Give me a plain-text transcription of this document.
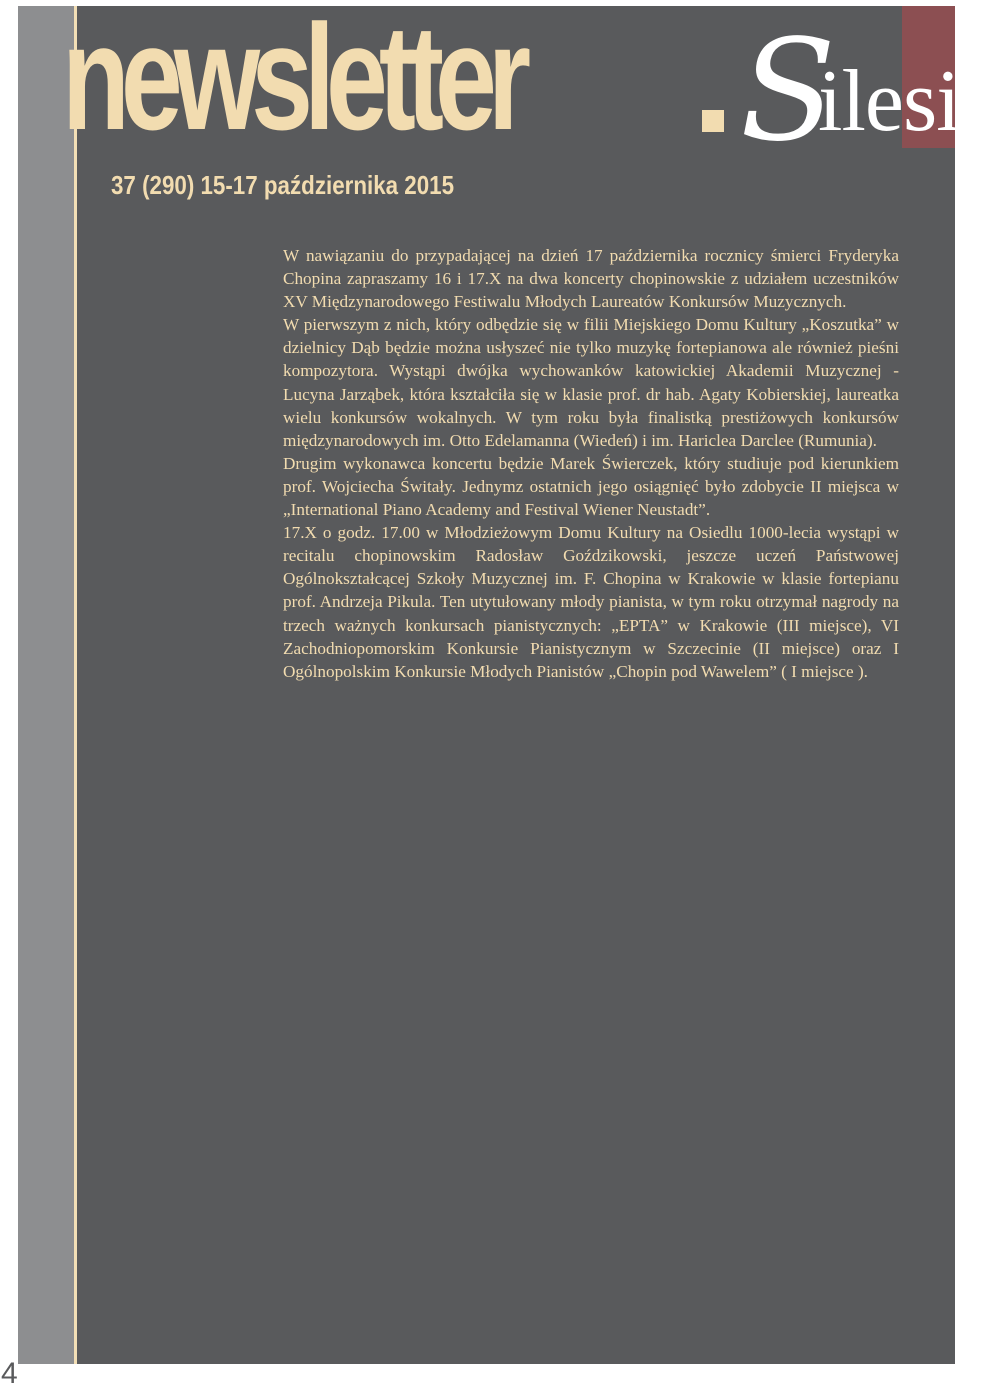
newsletter S
ilesia
37 (290) 15-17 października 2015

W nawiązaniu do przypadającej na dzień 17 października rocznicy śmierci Fryderyka Chopina zapraszamy 16 i 17.X na dwa koncerty chopinowskie z udziałem uczestników XV Międzynarodowego Festiwalu Młodych Laureatów Konkursów Muzycznych.

W pierwszym z nich, który odbędzie się w filii Miejskiego Domu Kultury „Koszutka” w dzielnicy Dąb będzie można usłyszeć nie tylko muzykę fortepianowa ale również pieśni kompozytora. Wystąpi dwójka wychowanków katowickiej Akademii Muzycznej - Lucyna Jarząbek, która kształciła się w klasie prof. dr hab. Agaty Kobierskiej, laureatka wielu konkursów wokalnych. W tym roku była finalistką prestiżowych konkursów międzynarodowych im. Otto Edelamanna (Wiedeń) i im. Hariclea Darclee (Rumunia).

Drugim wykonawca koncertu będzie Marek Świerczek, który studiuje pod kierunkiem prof. Wojciecha Świtały. Jednymz ostatnich jego osiągnięć było zdobycie II miejsca w „International Piano Academy and Festival Wiener Neustadt”.

17.X o godz. 17.00 w Młodzieżowym Domu Kultury na Osiedlu 1000-lecia wystąpi w recitalu chopinowskim Radosław Goździkowski, jeszcze uczeń Państwowej Ogólnokształcącej Szkoły Muzycznej im. F. Chopina w Krakowie w klasie fortepianu prof. Andrzeja Pikula. Ten utytułowany młody pianista, w tym roku otrzymał nagrody na trzech ważnych konkursach pianistycznych: „EPTA” w Krakowie (III miejsce), VI Zachodniopomorskim Konkursie Pianistycznym w Szczecinie (II miejsce) oraz I Ogólnopolskim Konkursie Młodych Pianistów „Chopin pod Wawelem” ( I miejsce ).

4
